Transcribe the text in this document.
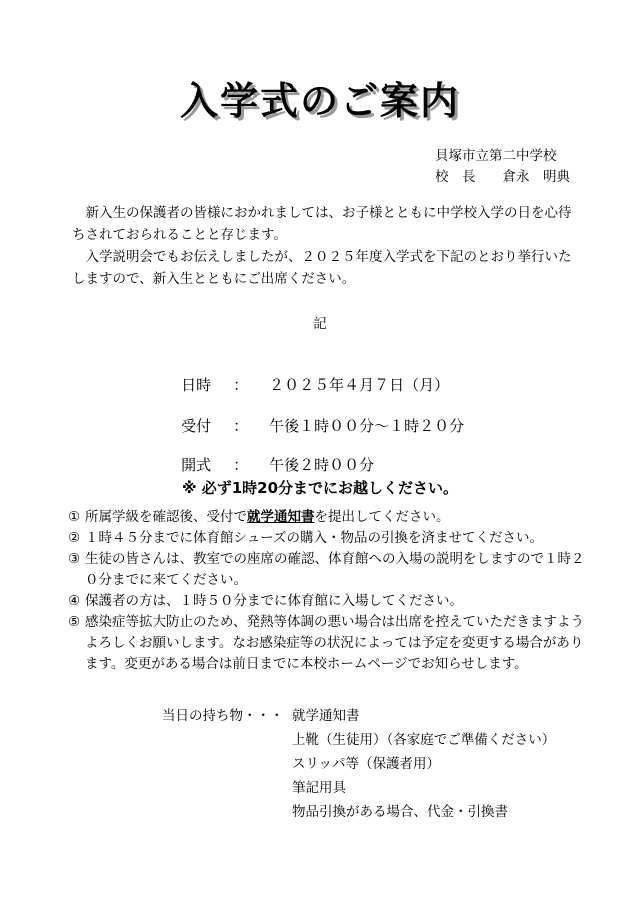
入学式のご案内
貝塚市立第二中学校
校　長　　倉永　明典

新入生の保護者の皆様におかれましては、お子様とともに中学校入学の日を心待ちされておられることと存じます。

入学説明会でもお伝えしましたが、２０２５年度入学式を下記のとおり挙行いたしますので、新入生とともにご出席ください。

記

日時 ： ２０２５年４月７日（月）

受付 ： 午後１時００分～１時２０分

開式 ： 午後２時００分

※ 必ず1時20分までにお越しください。
① 所属学級を確認後、受付で就学通知書を提出してください。
② １時４５分までに体育館シューズの購入・物品の引換を済ませてください。
③ 生徒の皆さんは、教室での座席の確認、体育館への入場の説明をしますので１時２０分までに来てください。
④ 保護者の方は、１時５０分までに体育館に入場してください。
⑤ 感染症等拡大防止のため、発熱等体調の悪い場合は出席を控えていただきますようよろしくお願いします。なお感染症等の状況によっては予定を変更する場合があります。変更がある場合は前日までに本校ホームページでお知らせします。
当日の持ち物・・・ 就学通知書
上靴（生徒用）（各家庭でご準備ください）
スリッパ等（保護者用）
筆記用具
物品引換がある場合、代金・引換書
